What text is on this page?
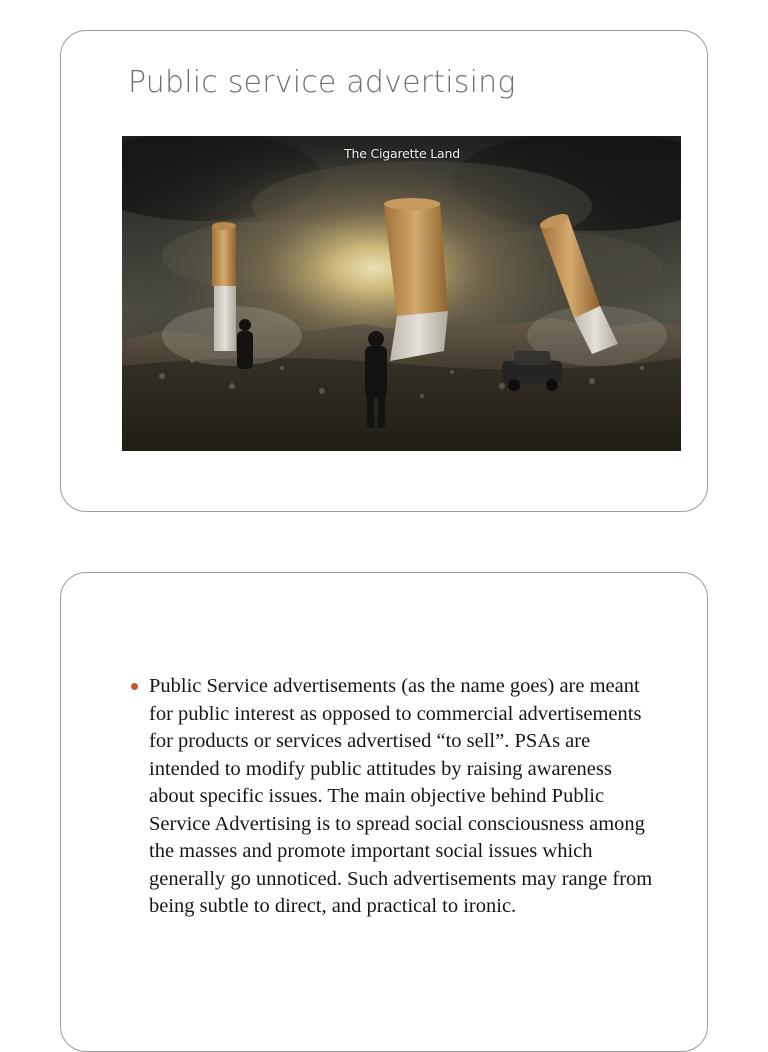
Public service advertising
The Cigarette Land
Public Service advertisements (as the name goes) are meant for public interest as opposed to commercial advertisements for products or services advertised “to sell”. PSAs are intended to modify public attitudes by raising awareness about specific issues. The main objective behind Public Service Advertising is to spread social consciousness among the masses and promote important social issues which generally go unnoticed. Such advertisements may range from being subtle to direct, and practical to ironic.
